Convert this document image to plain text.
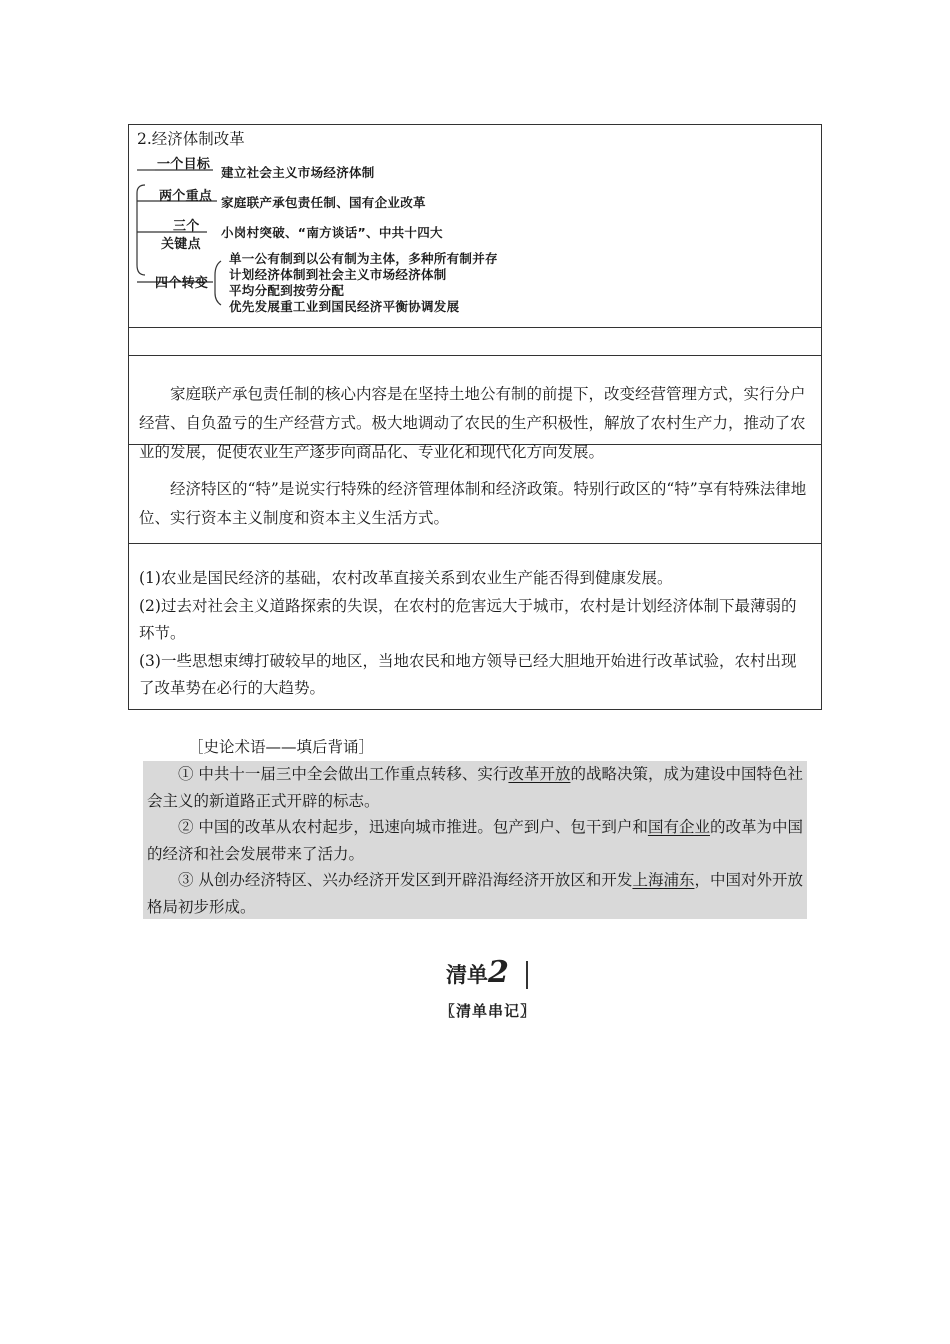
2.经济体制改革
一个目标
建立社会主义市场经济体制
两个重点 家庭联产承包责任制、国有企业改革
三个
关键点
小岗村突破、“南方谈话”、中共十四大
四个转变
单一公有制到以公有制为主体，多种所有制并存
计划经济体制到社会主义市场经济体制
平均分配到按劳分配
优先发展重工业到国民经济平衡协调发展

家庭联产承包责任制的核心内容是在坚持土地公有制的前提下，改变经营管理方式，实行分户经营、自负盈亏的生产经营方式。极大地调动了农民的生产积极性，解放了农村生产力，推动了农业的发展，促使农业生产逐步向商品化、专业化和现代化方向发展。

经济特区的“特”是说实行特殊的经济管理体制和经济政策。特别行政区的“特”享有特殊法律地位、实行资本主义制度和资本主义生活方式。

(1)农业是国民经济的基础，农村改革直接关系到农业生产能否得到健康发展。

(2)过去对社会主义道路探索的失误，在农村的危害远大于城市，农村是计划经济体制下最薄弱的环节。

(3)一些思想束缚打破较早的地区，当地农民和地方领导已经大胆地开始进行改革试验，农村出现了改革势在必行的大趋势。

［史论术语——填后背诵］

① 中共十一届三中全会做出工作重点转移、实行改革开放的战略决策，成为建设中国特色社会主义的新道路正式开辟的标志。

② 中国的改革从农村起步，迅速向城市推进。包产到户、包干到户和国有企业的改革为中国的经济和社会发展带来了活力。

③ 从创办经济特区、兴办经济开发区到开辟沿海经济开放区和开发上海浦东，中国对外开放格局初步形成。

清单2
〖清单串记〗
